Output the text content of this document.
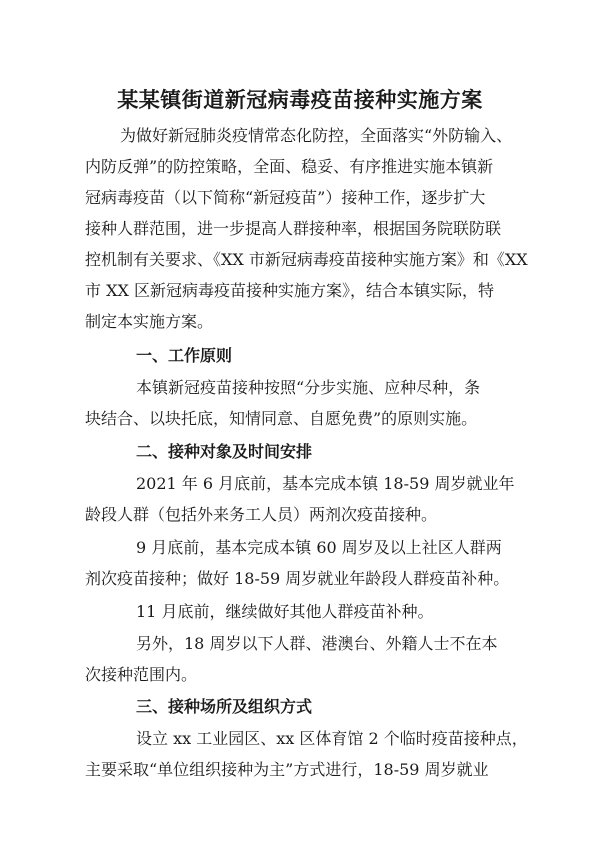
某某镇街道新冠病毒疫苗接种实施方案
为做好新冠肺炎疫情常态化防控，全面落实“外防输入、
内防反弹”的防控策略，全面、稳妥、有序推进实施本镇新
冠病毒疫苗（以下简称“新冠疫苗”）接种工作，逐步扩大
接种人群范围，进一步提高人群接种率，根据国务院联防联
控机制有关要求、《XX 市新冠病毒疫苗接种实施方案》和《XX
市 XX 区新冠病毒疫苗接种实施方案》，结合本镇实际，特
制定本实施方案。
一、工作原则
本镇新冠疫苗接种按照“分步实施、应种尽种，条
块结合、以块托底，知情同意、自愿免费”的原则实施。
二、接种对象及时间安排
2021 年 6 月底前，基本完成本镇 18-59 周岁就业年
龄段人群（包括外来务工人员）两剂次疫苗接种。
9 月底前，基本完成本镇 60 周岁及以上社区人群两
剂次疫苗接种；做好 18-59 周岁就业年龄段人群疫苗补种。
11 月底前，继续做好其他人群疫苗补种。
另外，18 周岁以下人群、港澳台、外籍人士不在本
次接种范围内。
三、接种场所及组织方式
设立 xx 工业园区、xx 区体育馆 2 个临时疫苗接种点，
主要采取“单位组织接种为主”方式进行，18-59 周岁就业
